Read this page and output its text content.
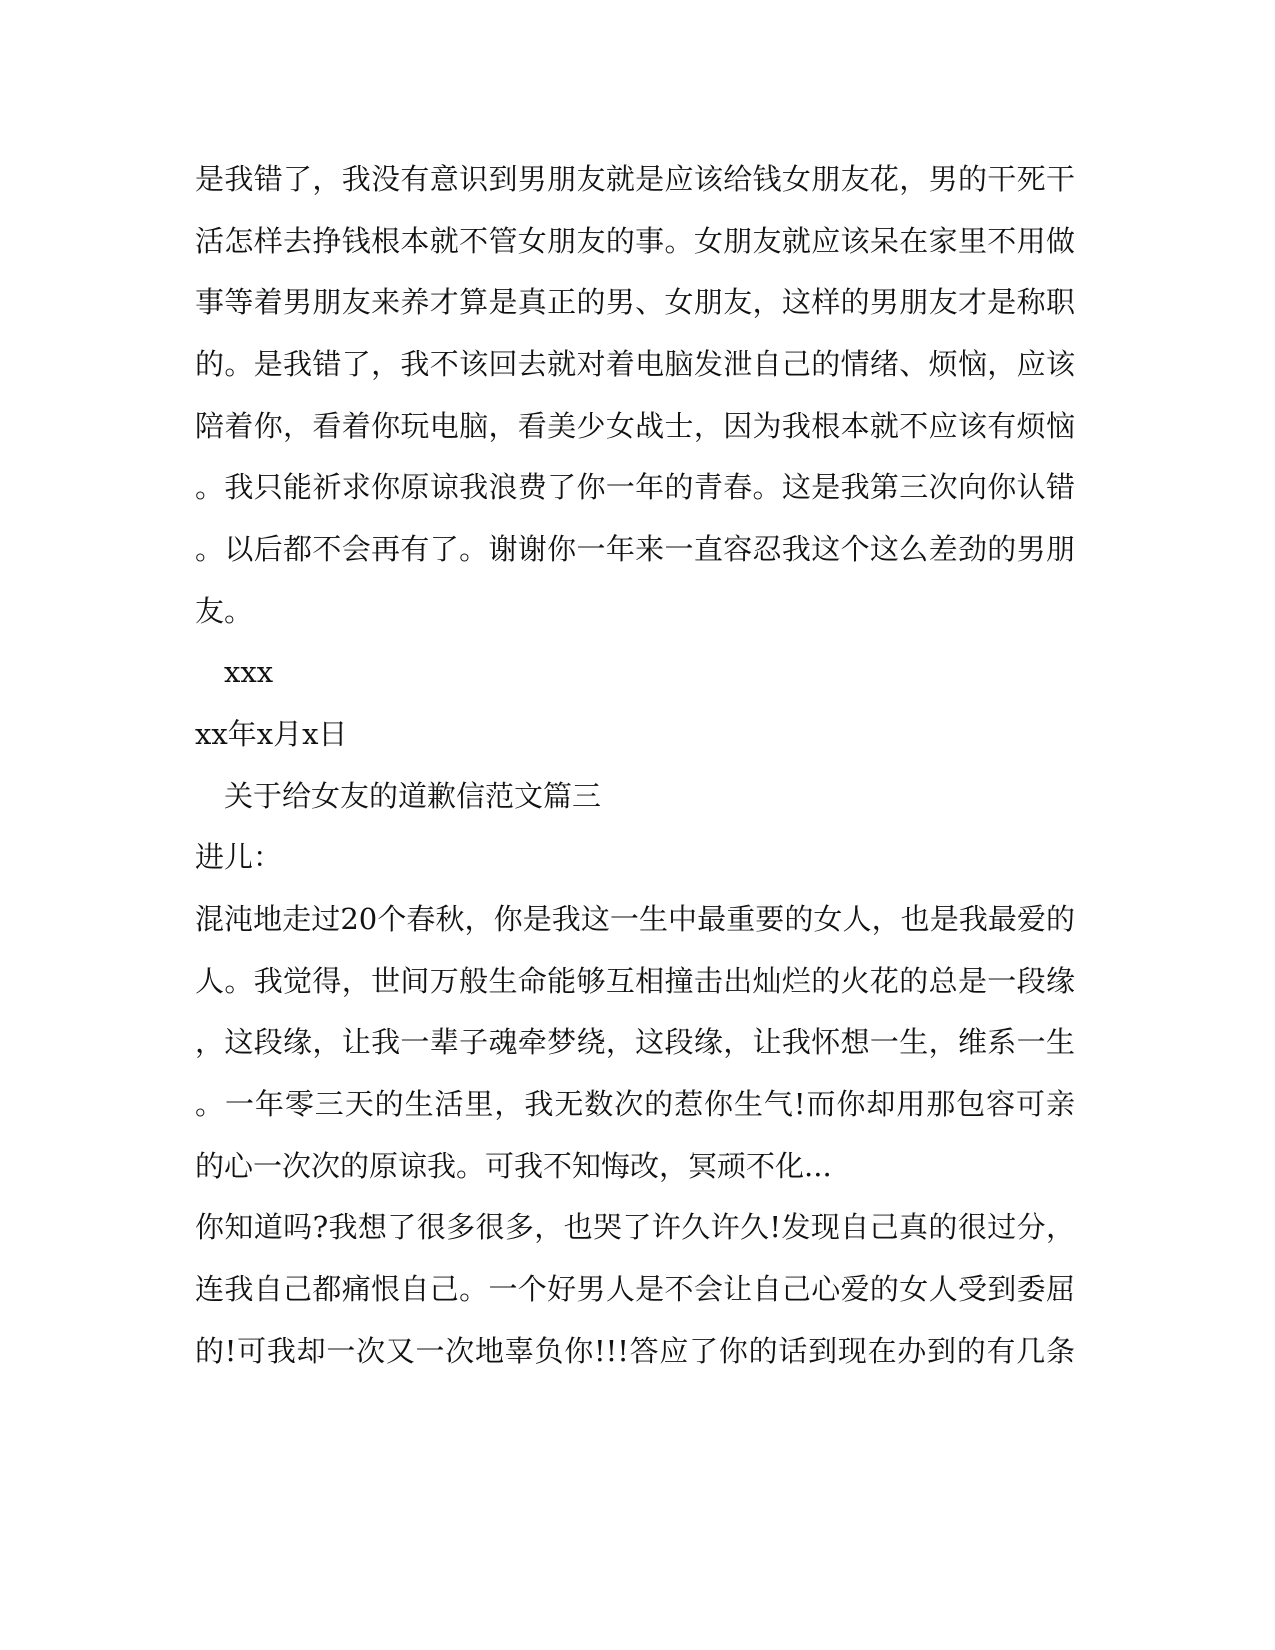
是我错了，我没有意识到男朋友就是应该给钱女朋友花，男的干死干
活怎样去挣钱根本就不管女朋友的事。女朋友就应该呆在家里不用做
事等着男朋友来养才算是真正的男、女朋友，这样的男朋友才是称职
的。是我错了，我不该回去就对着电脑发泄自己的情绪、烦恼，应该
陪着你，看着你玩电脑，看美少女战士，因为我根本就不应该有烦恼
。我只能祈求你原谅我浪费了你一年的青春。这是我第三次向你认错
。以后都不会再有了。谢谢你一年来一直容忍我这个这么差劲的男朋
友。
xxx
xx年x月x日
关于给女友的道歉信范文篇三
进儿：
混沌地走过20个春秋，你是我这一生中最重要的女人，也是我最爱的
人。我觉得，世间万般生命能够互相撞击出灿烂的火花的总是一段缘
，这段缘，让我一辈子魂牵梦绕，这段缘，让我怀想一生，维系一生
。一年零三天的生活里，我无数次的惹你生气!而你却用那包容可亲
的心一次次的原谅我。可我不知悔改，冥顽不化...
你知道吗?我想了很多很多，也哭了许久许久!发现自己真的很过分，
连我自己都痛恨自己。一个好男人是不会让自己心爱的女人受到委屈
的!可我却一次又一次地辜负你!!!答应了你的话到现在办到的有几条
